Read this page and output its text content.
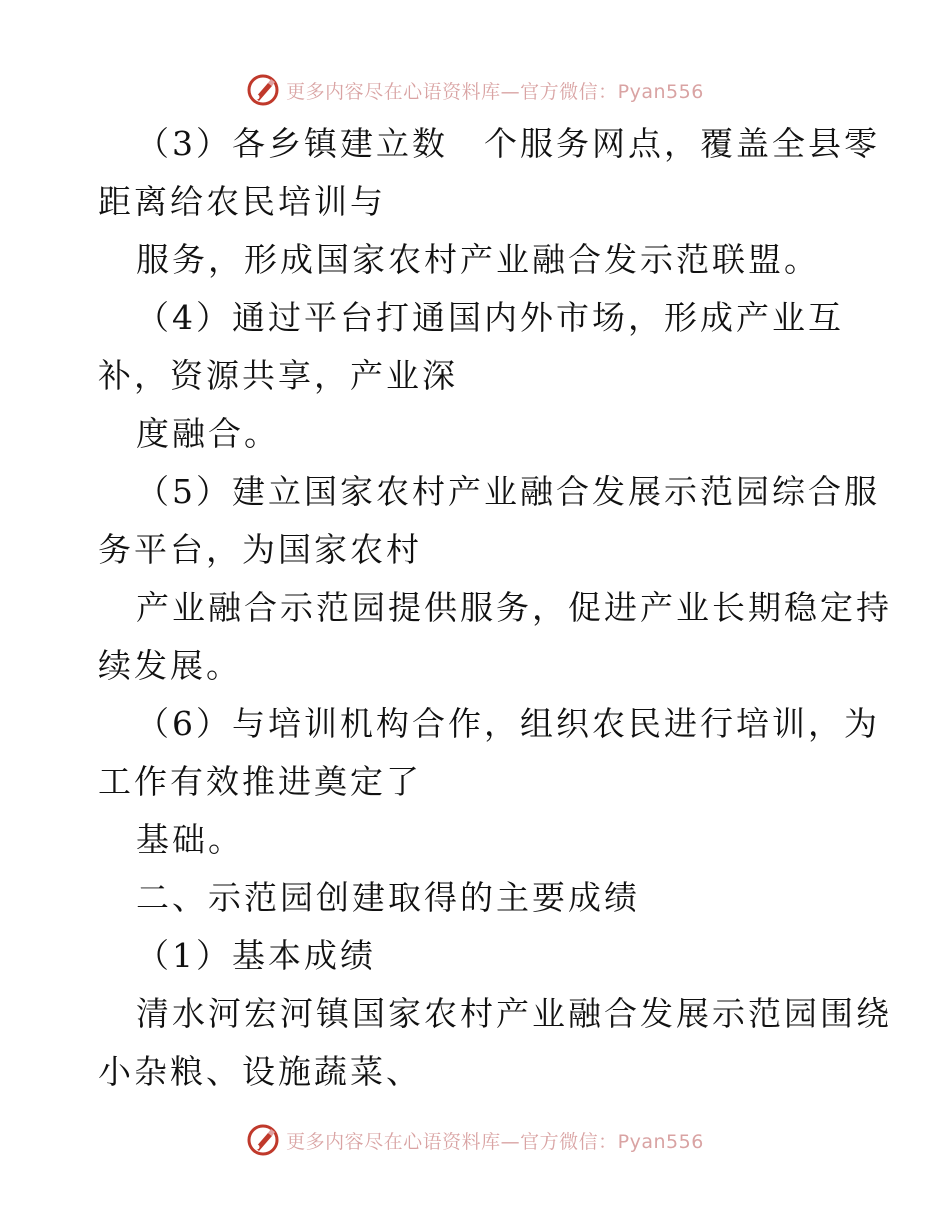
更多内容尽在心语资料库—官方微信：Pyan556
（3）各乡镇建立数　个服务网点，覆盖全县零
距离给农民培训与
服务，形成国家农村产业融合发示范联盟。
（4）通过平台打通国内外市场，形成产业互
补，资源共享，产业深
度融合。
（5）建立国家农村产业融合发展示范园综合服
务平台，为国家农村
产业融合示范园提供服务，促进产业长期稳定持
续发展。
（6）与培训机构合作，组织农民进行培训，为
工作有效推进奠定了
基础。
二、示范园创建取得的主要成绩
（1）基本成绩
清水河宏河镇国家农村产业融合发展示范园围绕
小杂粮、设施蔬菜、
更多内容尽在心语资料库—官方微信：Pyan556
